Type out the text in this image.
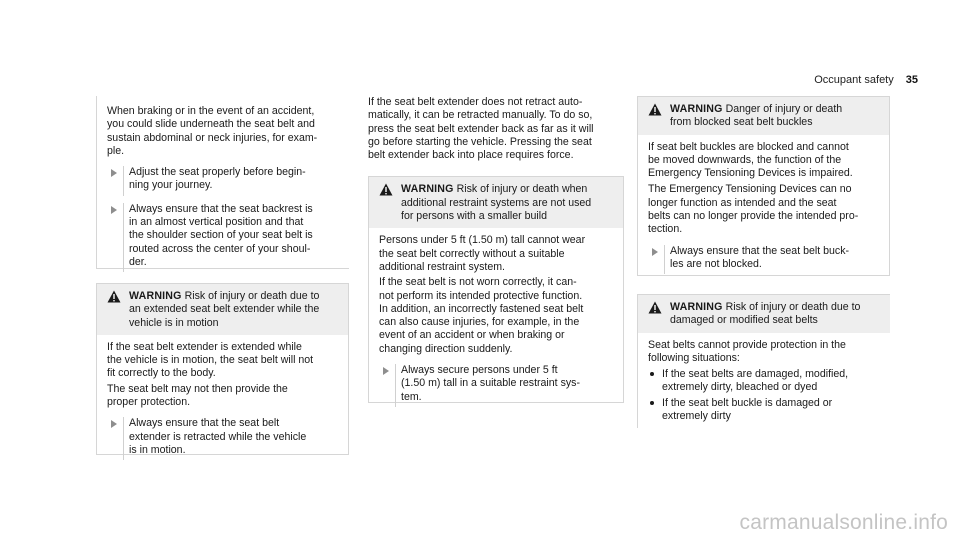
Occupant safety 35
When braking or in the event of an accident,
you could slide underneath the seat belt and
sustain abdominal or neck injuries, for exam-
ple.
Adjust the seat properly before begin-
ning your journey.
Always ensure that the seat backrest is
in an almost vertical position and that
the shoulder section of your seat belt is
routed across the center of your shoul-
der.
WARNING Risk of injury or death due to
an extended seat belt extender while the
vehicle is in motion
If the seat belt extender is extended while
the vehicle is in motion, the seat belt will not
fit correctly to the body.
The seat belt may not then provide the
proper protection.
Always ensure that the seat belt
extender is retracted while the vehicle
is in motion.
If the seat belt extender does not retract auto-
matically, it can be retracted manually. To do so,
press the seat belt extender back as far as it will
go before starting the vehicle. Pressing the seat
belt extender back into place requires force.
WARNING Risk of injury or death when
additional restraint systems are not used
for persons with a smaller build
Persons under 5 ft (1.50 m) tall cannot wear
the seat belt correctly without a suitable
additional restraint system.
If the seat belt is not worn correctly, it can-
not perform its intended protective function.
In addition, an incorrectly fastened seat belt
can also cause injuries, for example, in the
event of an accident or when braking or
changing direction suddenly.
Always secure persons under 5 ft
(1.50 m) tall in a suitable restraint sys-
tem.
WARNING Danger of injury or death
from blocked seat belt buckles
If seat belt buckles are blocked and cannot
be moved downwards, the function of the
Emergency Tensioning Devices is impaired.
The Emergency Tensioning Devices can no
longer function as intended and the seat
belts can no longer provide the intended pro-
tection.
Always ensure that the seat belt buck-
les are not blocked.
WARNING Risk of injury or death due to
damaged or modified seat belts
Seat belts cannot provide protection in the
following situations:
If the seat belts are damaged, modified,
extremely dirty, bleached or dyed
If the seat belt buckle is damaged or
extremely dirty
carmanualsonline.info
